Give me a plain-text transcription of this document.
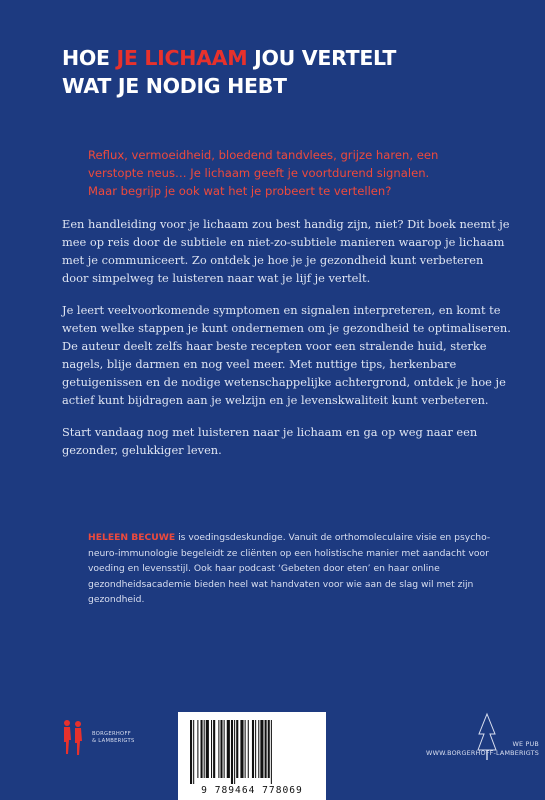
HOE JE LICHAAM JOU VERTELT
WAT JE NODIG HEBT

Reflux, vermoeidheid, bloedend tandvlees, grijze haren, een

verstopte neus… Je lichaam geeft je voortdurend signalen.

Maar begrijp je ook wat het je probeert te vertellen?

Een handleiding voor je lichaam zou best handig zijn, niet? Dit boek neemt je mee op reis door de subtiele en niet-zo-subtiele manieren waarop je lichaam met je communiceert. Zo ontdek je hoe je je gezondheid kunt verbeteren door simpelweg te luisteren naar wat je lijf je vertelt.

Je leert veelvoorkomende symptomen en signalen interpreteren, en komt te weten welke stappen je kunt ondernemen om je gezondheid te optimaliseren. De auteur deelt zelfs haar beste recepten voor een stralende huid, sterke nagels, blije darmen en nog veel meer. Met nuttige tips, herkenbare getuigenissen en de nodige wetenschappelijke achtergrond, ontdek je hoe je actief kunt bijdragen aan je welzijn en je levenskwaliteit kunt verbeteren.

Start vandaag nog met luisteren naar je lichaam en ga op weg naar een gezonder, gelukkiger leven.

HELEEN BECUWE is voedingsdeskundige. Vanuit de orthomoleculaire visie en psycho-neuro-immunologie begeleidt ze cliënten op een holistische manier met aandacht voor voeding en levensstijl. Ook haar podcast ‘Gebeten door eten’ en haar online gezondheidsacademie bieden heel wat handvaten voor wie aan de slag wil met zijn gezondheid.
BORGERHOFF
& LAMBERIGTS
9 789464 778069
WE PUB
WWW.BORGERHOFF-LAMBERIGTS
